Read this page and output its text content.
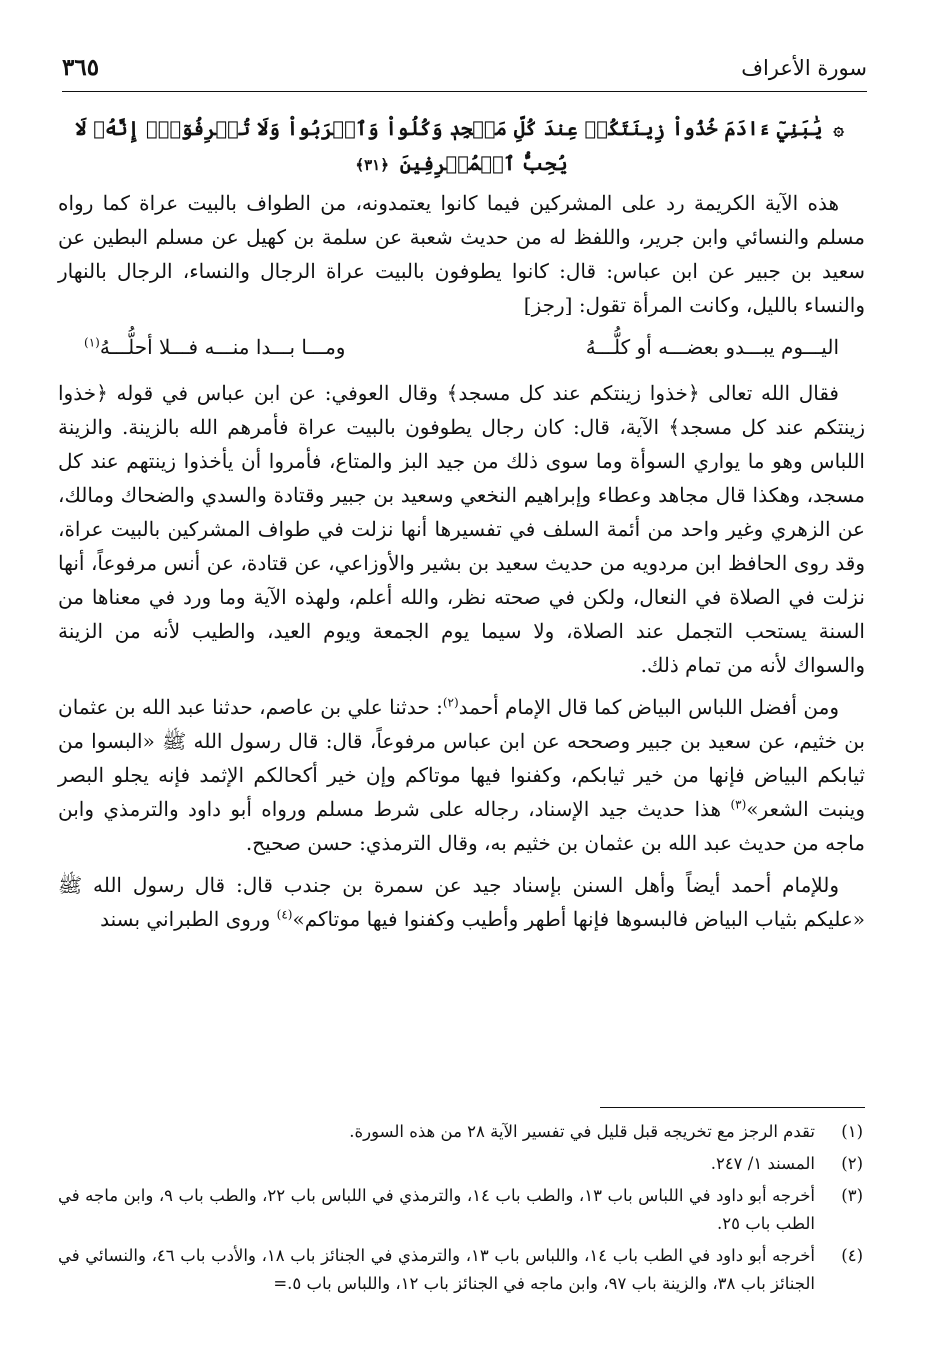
سورة الأعراف
٣٦٥
۞ يَٰبَنِيٓ ءَادَمَ خُذُواْ زِينَتَكُمۡ عِندَ كُلِّ مَسۡجِدٖ وَكُلُواْ وَٱشۡرَبُواْ وَلَا تُسۡرِفُوٓاْۚ إِنَّهُۥ لَا يُحِبُّ ٱلۡمُسۡرِفِينَ ﴿٣١﴾

هذه الآية الكريمة رد على المشركين فيما كانوا يعتمدونه، من الطواف بالبيت عراة كما رواه مسلم والنسائي وابن جرير، واللفظ له من حديث شعبة عن سلمة بن كهيل عن مسلم البطين عن سعيد بن جبير عن ابن عباس: قال: كانوا يطوفون بالبيت عراة الرجال والنساء، الرجال بالنهار والنساء بالليل، وكانت المرأة تقول: [رجز]

اليـــوم يبـــدو بعضـــه أو كلُّـــهُ
ومـــا بـــدا منـــه فـــلا أحلُّـــهُ$^{(١)}$

فقال الله تعالى ﴿خذوا زينتكم عند كل مسجد﴾ وقال العوفي: عن ابن عباس في قوله ﴿خذوا زينتكم عند كل مسجد﴾ الآية، قال: كان رجال يطوفون بالبيت عراة فأمرهم الله بالزينة. والزينة اللباس وهو ما يواري السوأة وما سوى ذلك من جيد البز والمتاع، فأمروا أن يأخذوا زينتهم عند كل مسجد، وهكذا قال مجاهد وعطاء وإبراهيم النخعي وسعيد بن جبير وقتادة والسدي والضحاك ومالك، عن الزهري وغير واحد من أئمة السلف في تفسيرها أنها نزلت في طواف المشركين بالبيت عراة، وقد روى الحافظ ابن مردويه من حديث سعيد بن بشير والأوزاعي، عن قتادة، عن أنس مرفوعاً، أنها نزلت في الصلاة في النعال، ولكن في صحته نظر، والله أعلم، ولهذه الآية وما ورد في معناها من السنة يستحب التجمل عند الصلاة، ولا سيما يوم الجمعة ويوم العيد، والطيب لأنه من الزينة والسواك لأنه من تمام ذلك.

ومن أفضل اللباس البياض كما قال الإمام أحمد$^{(٢)}$: حدثنا علي بن عاصم، حدثنا عبد الله بن عثمان بن خثيم، عن سعيد بن جبير وصححه عن ابن عباس مرفوعاً، قال: قال رسول الله ﷺ «البسوا من ثيابكم البياض فإنها من خير ثيابكم، وكفنوا فيها موتاكم وإن خير أكحالكم الإثمد فإنه يجلو البصر وينبت الشعر»$^{(٣)}$ هذا حديث جيد الإسناد، رجاله على شرط مسلم ورواه أبو داود والترمذي وابن ماجه من حديث عبد الله بن عثمان بن خثيم به، وقال الترمذي: حسن صحيح.

وللإمام أحمد أيضاً وأهل السنن بإسناد جيد عن سمرة بن جندب قال: قال رسول الله ﷺ «عليكم بثياب البياض فالبسوها فإنها أطهر وأطيب وكفنوا فيها موتاكم»$^{(٤)}$ وروى الطبراني بسند

(١)
تقدم الرجز مع تخريجه قبل قليل في تفسير الآية ٢٨ من هذه السورة.
(٢)
المسند ١/ ٢٤٧.
(٣)
أخرجه أبو داود في اللباس باب ١٣، والطب باب ١٤، والترمذي في اللباس باب ٢٢، والطب باب ٩، وابن ماجه في الطب باب ٢٥.
(٤)
أخرجه أبو داود في الطب باب ١٤، واللباس باب ١٣، والترمذي في الجنائز باب ١٨، والأدب باب ٤٦، والنسائي في الجنائز باب ٣٨، والزينة باب ٩٧، وابن ماجه في الجنائز باب ١٢، واللباس باب ٥.=
